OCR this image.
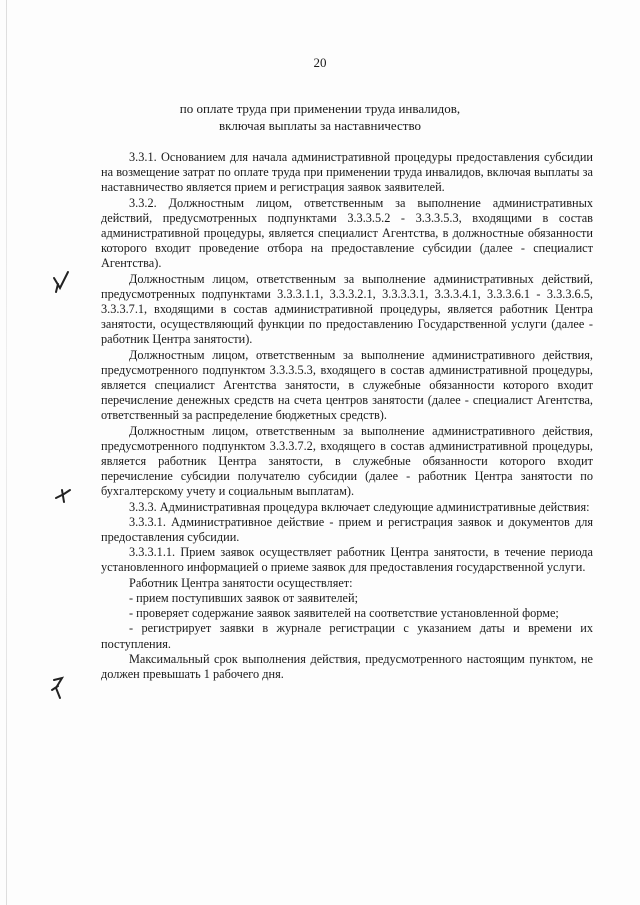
20
по оплате труда при применении труда инвалидов,
включая выплаты за наставничество

3.3.1. Основанием для начала административной процедуры предоставления субсидии на возмещение затрат по оплате труда при применении труда инвалидов, включая выплаты за наставничество является прием и регистрация заявок заявителей.

3.3.2. Должностным лицом, ответственным за выполнение административных действий, предусмотренных подпунктами 3.3.3.5.2 - 3.3.3.5.3, входящими в состав административной процедуры, является специалист Агентства, в должностные обязанности которого входит проведение отбора на предоставление субсидии (далее - специалист Агентства).

Должностным лицом, ответственным за выполнение административных действий, предусмотренных подпунктами 3.3.3.1.1, 3.3.3.2.1, 3.3.3.3.1, 3.3.3.4.1, 3.3.3.6.1 - 3.3.3.6.5, 3.3.3.7.1, входящими в состав административной процедуры, является работник Центра занятости, осуществляющий функции по предоставлению Государственной услуги (далее - работник Центра занятости).

Должностным лицом, ответственным за выполнение административного действия, предусмотренного подпунктом 3.3.3.5.3, входящего в состав административной процедуры, является специалист Агентства занятости, в служебные обязанности которого входит перечисление денежных средств на счета центров занятости (далее - специалист Агентства, ответственный за распределение бюджетных средств).

Должностным лицом, ответственным за выполнение административного действия, предусмотренного подпунктом 3.3.3.7.2, входящего в состав административной процедуры, является работник Центра занятости, в служебные обязанности которого входит перечисление субсидии получателю субсидии (далее - работник Центра занятости по бухгалтерскому учету и социальным выплатам).

3.3.3. Административная процедура включает следующие административные действия:

3.3.3.1. Административное действие - прием и регистрация заявок и документов для предоставления субсидии.

3.3.3.1.1. Прием заявок осуществляет работник Центра занятости, в течение периода установленного информацией о приеме заявок для предоставления государственной услуги.

Работник Центра занятости осуществляет:

- прием поступивших заявок от заявителей;

- проверяет содержание заявок заявителей на соответствие установленной форме;

- регистрирует заявки в журнале регистрации с указанием даты и времени их поступления.

Максимальный срок выполнения действия, предусмотренного настоящим пунктом, не должен превышать 1 рабочего дня.
